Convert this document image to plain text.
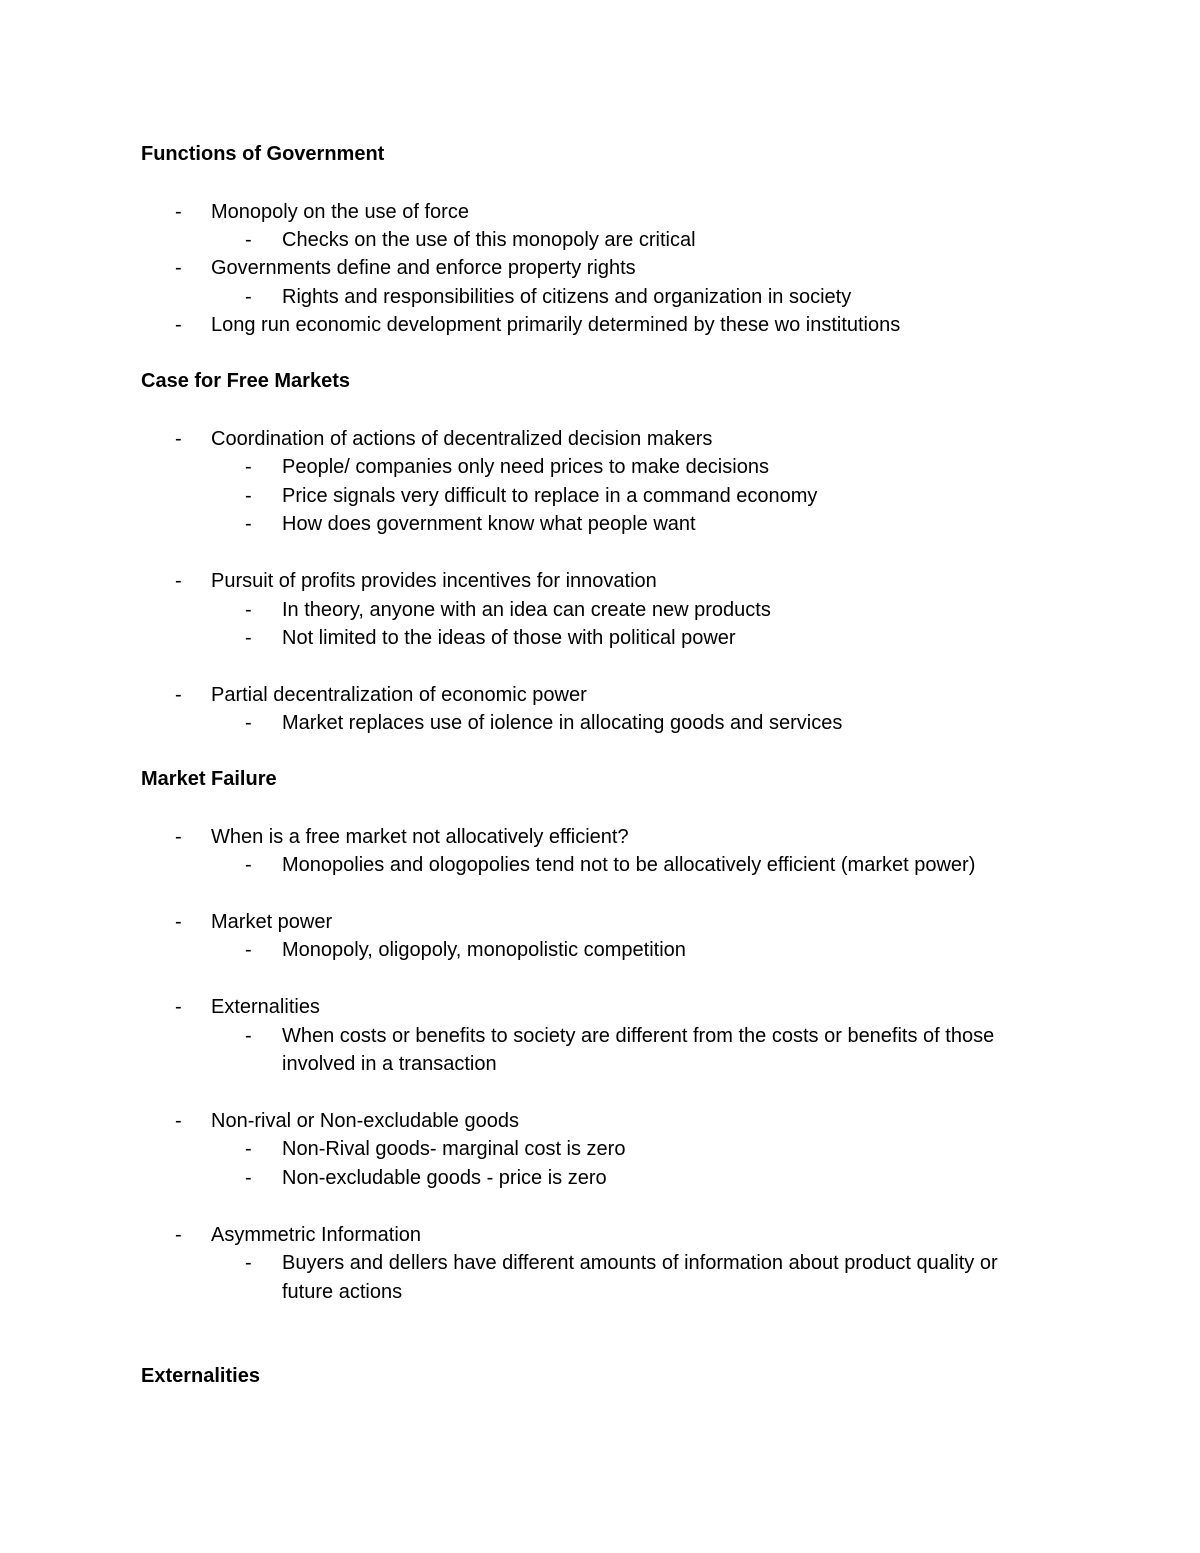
Functions of Government
- Monopoly on the use of force
- Checks on the use of this monopoly are critical
- Governments define and enforce property rights
- Rights and responsibilities of citizens and organization in society
- Long run economic development primarily determined by these wo institutions
Case for Free Markets
- Coordination of actions of decentralized decision makers
- People/ companies only need prices to make decisions
- Price signals very difficult to replace in a command economy
- How does government know what people want
- Pursuit of profits provides incentives for innovation
- In theory, anyone with an idea can create new products
- Not limited to the ideas of those with political power
- Partial decentralization of economic power
- Market replaces use of iolence in allocating goods and services
Market Failure
- When is a free market not allocatively efficient?
- Monopolies and ologopolies tend not to be allocatively efficient (market power)
- Market power
- Monopoly, oligopoly, monopolistic competition
- Externalities
- When costs or benefits to society are different from the costs or benefits of those
involved in a transaction
- Non-rival or Non-excludable goods
- Non-Rival goods- marginal cost is zero
- Non-excludable goods - price is zero
- Asymmetric Information
- Buyers and dellers have different amounts of information about product quality or
future actions
Externalities
